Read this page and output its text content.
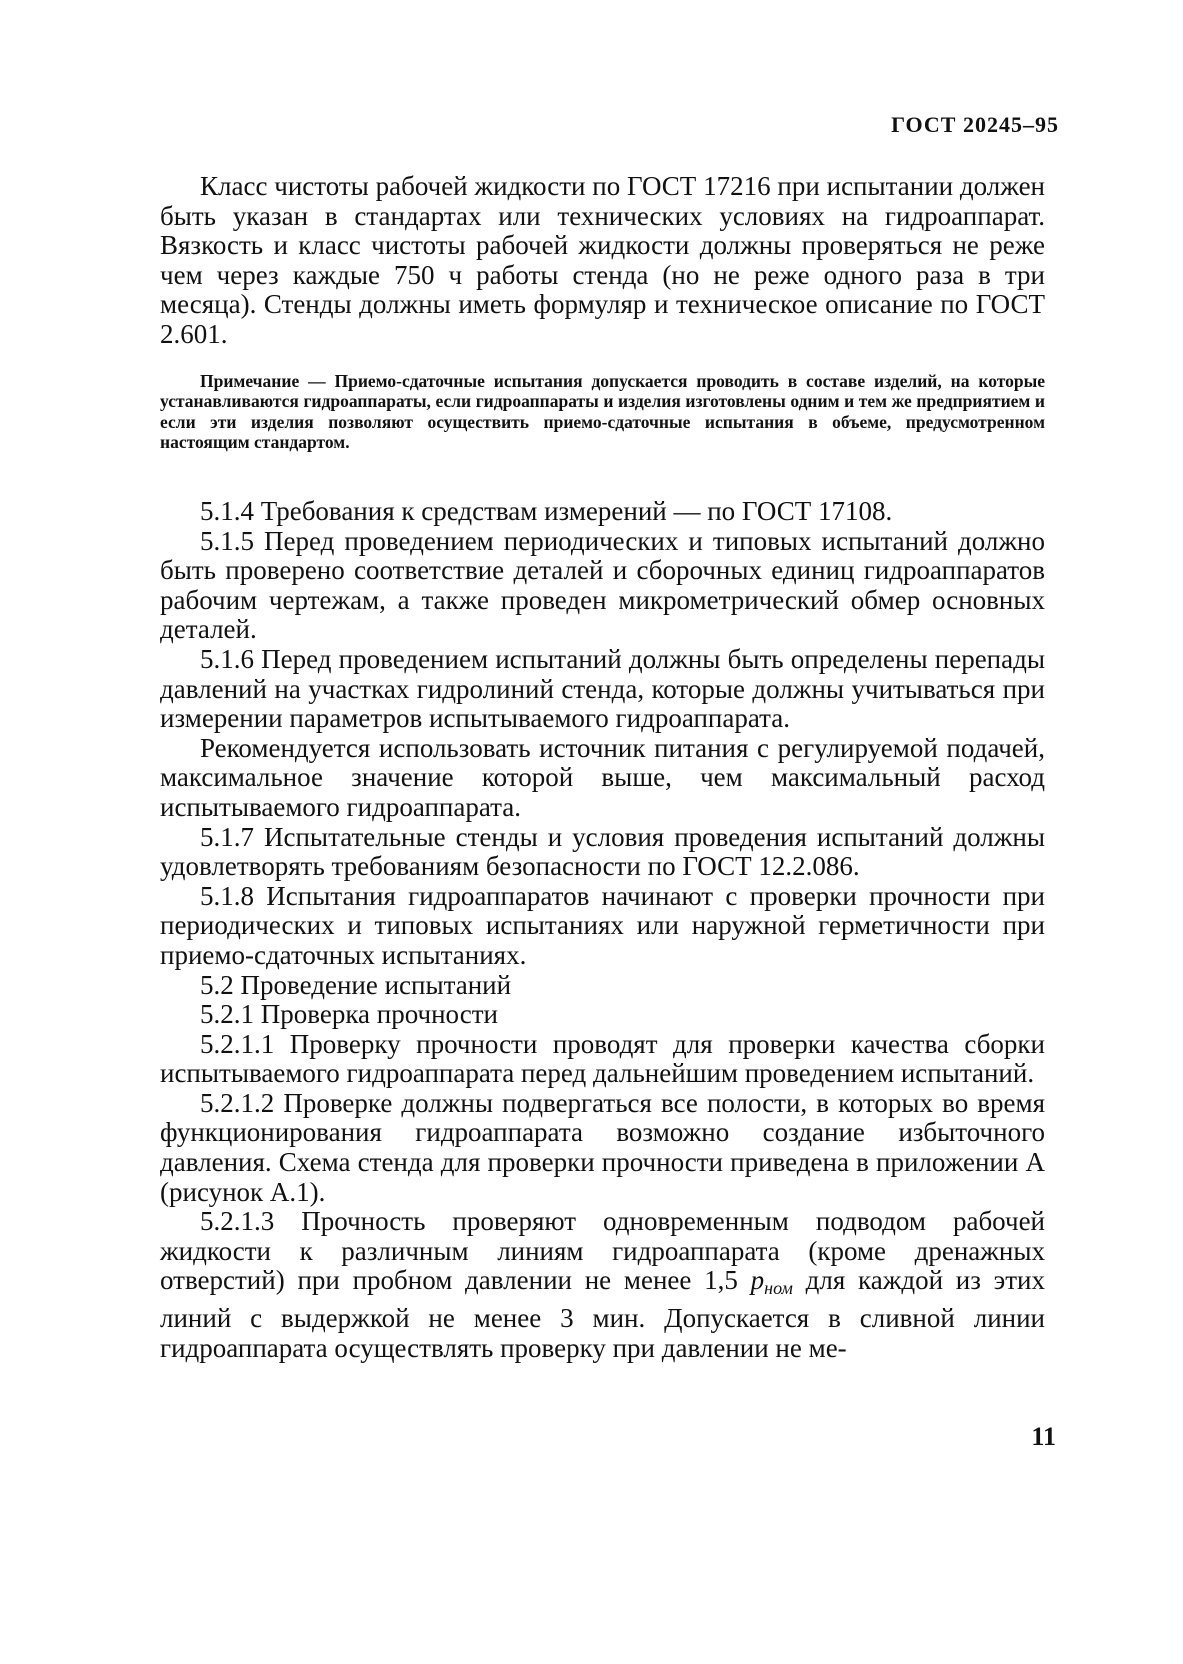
ГОСТ 20245–95

Класс чистоты рабочей жидкости по ГОСТ 17216 при испытании должен быть указан в стандартах или технических условиях на гидроаппарат. Вязкость и класс чистоты рабочей жидкости должны проверяться не реже чем через каждые 750 ч работы стенда (но не реже одного раза в три месяца). Стенды должны иметь формуляр и техническое описание по ГОСТ 2.601.

Примечание — Приемо-сдаточные испытания допускается проводить в составе изделий, на которые устанавливаются гидроаппараты, если гидроаппараты и изделия изготовлены одним и тем же предприятием и если эти изделия позволяют осуществить приемо-сдаточные испытания в объеме, предусмотренном настоящим стандартом.

5.1.4 Требования к средствам измерений — по ГОСТ 17108.

5.1.5 Перед проведением периодических и типовых испытаний должно быть проверено соответствие деталей и сборочных единиц гидроаппаратов рабочим чертежам, а также проведен микрометрический обмер основных деталей.

5.1.6 Перед проведением испытаний должны быть определены перепады давлений на участках гидролиний стенда, которые должны учитываться при измерении параметров испытываемого гидроаппарата.

Рекомендуется использовать источник питания с регулируемой подачей, максимальное значение которой выше, чем максимальный расход испытываемого гидроаппарата.

5.1.7 Испытательные стенды и условия проведения испытаний должны удовлетворять требованиям безопасности по ГОСТ 12.2.086.

5.1.8 Испытания гидроаппаратов начинают с проверки прочности при периодических и типовых испытаниях или наружной герметичности при приемо-сдаточных испытаниях.

5.2 Проведение испытаний

5.2.1 Проверка прочности

5.2.1.1 Проверку прочности проводят для проверки качества сборки испытываемого гидроаппарата перед дальнейшим проведением испытаний.

5.2.1.2 Проверке должны подвергаться все полости, в которых во время функционирования гидроаппарата возможно создание избыточного давления. Схема стенда для проверки прочности приведена в приложении А (рисунок А.1).

5.2.1.3 Прочность проверяют одновременным подводом рабочей жидкости к различным линиям гидроаппарата (кроме дренажных отверстий) при пробном давлении не менее 1,5 $p_{ном}$ для каждой из этих линий с выдержкой не менее 3 мин. Допускается в сливной линии гидроаппарата осуществлять проверку при давлении не ме-

11
